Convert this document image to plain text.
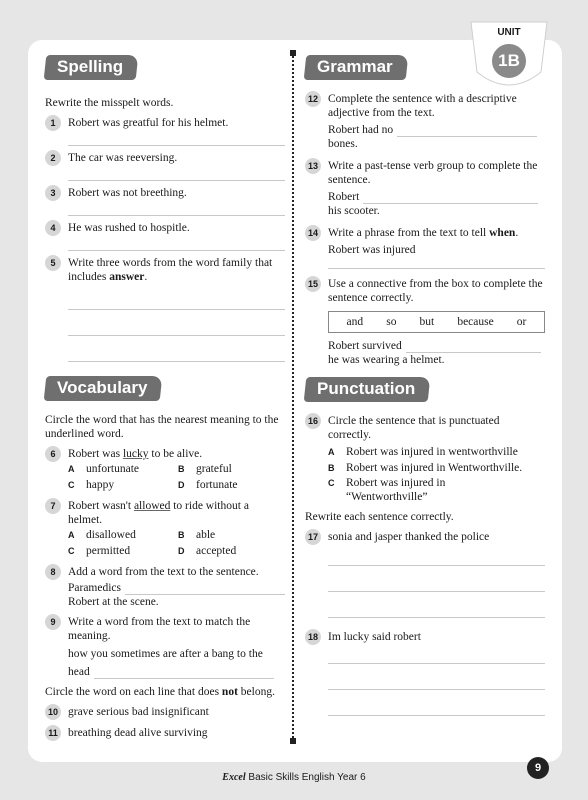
UNIT
1B
Spelling
Rewrite the misspelt words.
1	Robert was greatful for his helmet.
2	The car was reeversing.
3	Robert was not breething.
4	He was rushed to hospitle.
5	Write three words from the word family that includes answer.
Vocabulary
Circle the word that has the nearest meaning to the underlined word.
6	Robert was lucky to be alive.
A unfortunate	B grateful
C happy	D fortunate
7	Robert wasn't allowed to ride without a helmet.
A disallowed	B able
C permitted	D accepted
8	Add a word from the text to the sentence.
Paramedics
Robert at the scene.
9	Write a word from the text to match the meaning.
how you sometimes are after a bang to the
head
Circle the word on each line that does not belong.
10 grave serious bad insignificant
11 breathing dead alive surviving
Grammar
12 Complete the sentence with a descriptive adjective from the text.
Robert had no
bones.
13 Write a past-tense verb group to complete the sentence.
Robert
his scooter.
14 Write a phrase from the text to tell when.
Robert was injured
15 Use a connective from the box to complete the sentence correctly.
and so but because or
Robert survived
he was wearing a helmet.
Punctuation
16 Circle the sentence that is punctuated correctly.
A Robert was injured in wentworthville
B Robert was injured in Wentworthville.
C	Robert was injured in “Wentworthville”
Rewrite each sentence correctly.
17 sonia and jasper thanked the police
18 Im lucky said robert
Excel Basic Skills English Year 6
9
